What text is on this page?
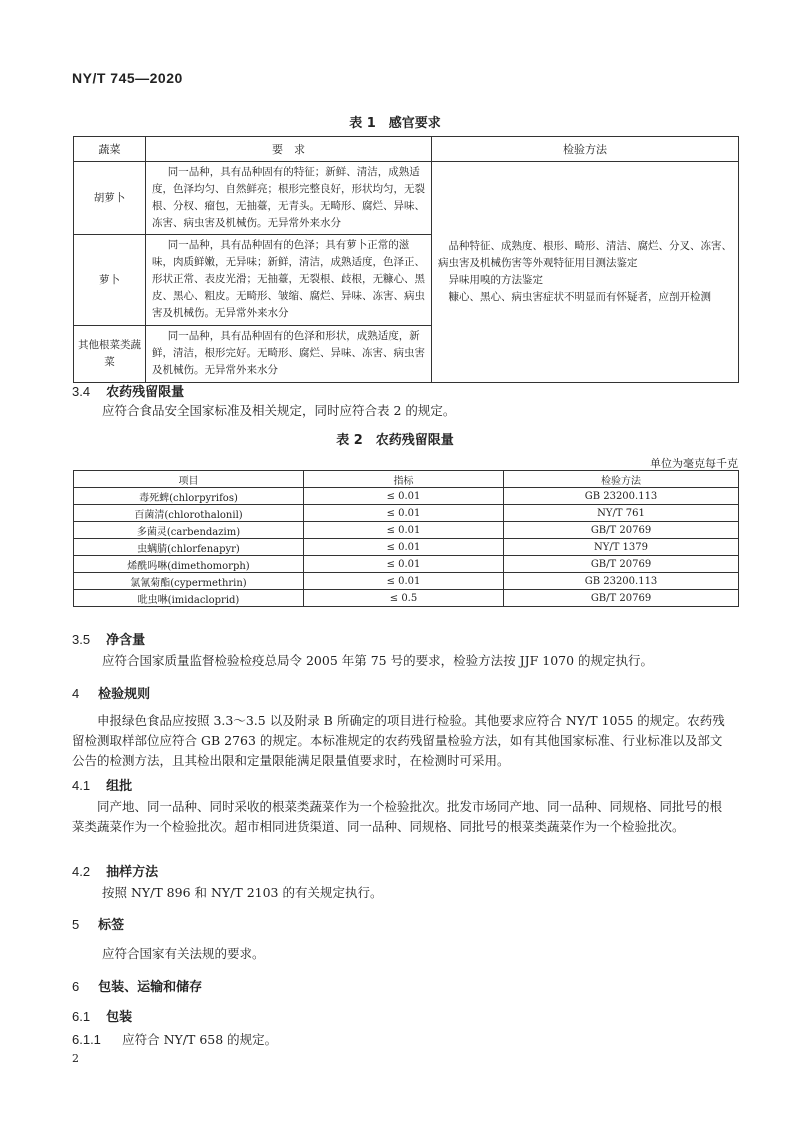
NY/T 745—2020
表 1　感官要求
蔬菜	要　求	检验方法
胡萝卜	同一品种，具有品种固有的特征；新鲜、清洁，成熟适度，色泽均匀、自然鲜亮；根形完整良好，形状均匀，无裂根、分杈、瘤包，无抽薹，无青头。无畸形、腐烂、异味、冻害、病虫害及机械伤。无异常外来水分	品种特征、成熟度、根形、畸形、清洁、腐烂、分叉、冻害、病虫害及机械伤害等外观特征用目测法鉴定

异味用嗅的方法鉴定

糠心、黑心、病虫害症状不明显而有怀疑者，应剖开检测

萝卜	同一品种，具有品种固有的色泽；具有萝卜正常的滋味，肉质鲜嫩，无异味；新鲜，清洁，成熟适度，色泽正、形状正常、表皮光滑；无抽薹，无裂根、歧根，无糠心、黑皮、黑心、粗皮。无畸形、皱缩、腐烂、异味、冻害、病虫害及机械伤。无异常外来水分	
其他根菜类蔬菜	同一品种，具有品种固有的色泽和形状，成熟适度，新鲜，清洁，根形完好。无畸形、腐烂、异味、冻害、病虫害及机械伤。无异常外来水分	
3.4 农药残留限量
应符合食品安全国家标准及相关规定，同时应符合表 2 的规定。
表 2　农药残留限量
单位为毫克每千克
项目	指标	检验方法
毒死蜱(chlorpyrifos)	≤ 0.01	GB 23200.113
百菌清(chlorothalonil)	≤ 0.01	NY/T 761
多菌灵(carbendazim)	≤ 0.01	GB/T 20769
虫螨腈(chlorfenapyr)	≤ 0.01	NY/T 1379
烯酰吗啉(dimethomorph)	≤ 0.01	GB/T 20769
氯氰菊酯(cypermethrin)	≤ 0.01	GB 23200.113
吡虫啉(imidacloprid)	≤ 0.5	GB/T 20769
3.5 净含量
应符合国家质量监督检验检疫总局令 2005 年第 75 号的要求，检验方法按 JJF 1070 的规定执行。
4 检验规则
申报绿色食品应按照 3.3～3.5 以及附录 B 所确定的项目进行检验。其他要求应符合 NY/T 1055 的规定。农药残留检测取样部位应符合 GB 2763 的规定。本标准规定的农药残留量检验方法，如有其他国家标准、行业标准以及部文公告的检测方法，且其检出限和定量限能满足限量值要求时，在检测时可采用。
4.1 组批
同产地、同一品种、同时采收的根菜类蔬菜作为一个检验批次。批发市场同产地、同一品种、同规格、同批号的根菜类蔬菜作为一个检验批次。超市相同进货渠道、同一品种、同规格、同批号的根菜类蔬菜作为一个检验批次。
4.2 抽样方法
按照 NY/T 896 和 NY/T 2103 的有关规定执行。
5 标签
应符合国家有关法规的要求。
6 包装、运输和储存
6.1 包装
6.1.1 应符合 NY/T 658 的规定。
2
